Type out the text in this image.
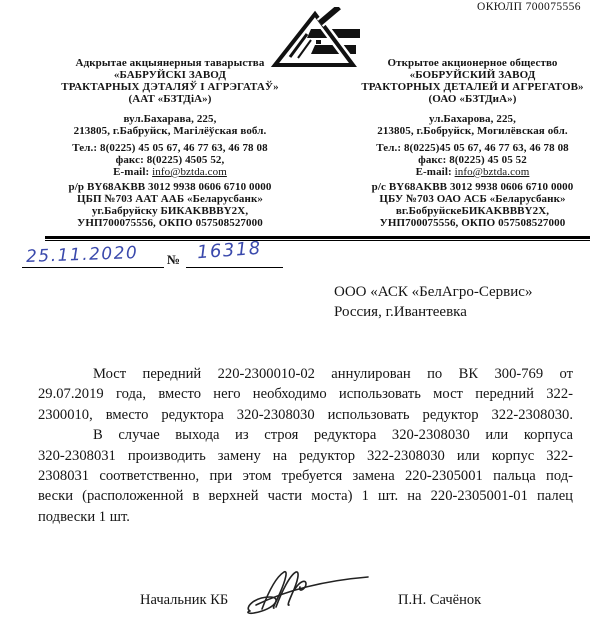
ОКЮЛП 700075556
Адкрытае акцыянерныя таварыства
«БАБРУЙСКІ ЗАВОД
ТРАКТАРНЫХ ДЭТАЛЯЎ І АГРЭГАТАЎ»
(ААТ «БЗТДіА»)
вул.Бахарава, 225,
213805, г.Бабруйск, Магілёўская вобл.
Тел.: 8(0225) 45 05 67, 46 77 63, 46 78 08
факс: 8(0225) 4505 52,
E-mail: info@bztda.com
р/р BY68AKBB 3012 9938 0606 6710 0000
ЦБП №703 ААТ ААБ «Беларусбанк»
уг.Бабруйску БИКAKBBBY2X,
УНП700075556, ОКПО 057508527000
Открытое акционерное общество
«БОБРУЙСКИЙ ЗАВОД
ТРАКТОРНЫХ ДЕТАЛЕЙ И АГРЕГАТОВ»
(ОАО «БЗТДиА»)
ул.Бахарова, 225,
213805, г.Бобруйск, Могилёвская обл.
Тел.: 8(0225)45 05 67, 46 77 63, 46 78 08
факс: 8(0225) 45 05 52
E-mail: info@bztda.com
р/с BY68AKBB 3012 9938 0606 6710 0000
ЦБУ №703 ОАО АСБ «Беларусбанк»
вг.БобруйскеБИКAKBBBY2X,
УНП700075556, ОКПО 057508527000
25.11.2020 № 16318
ООО «АСК «БелАгро-Сервис»
Россия, г.Ивантеевка
Мост передний 220-2300010-02 аннулирован по ВК 300-769 от
29.07.2019 года, вместо него необходимо использовать мост передний 322-
2300010, вместо редуктора 320-2308030 использовать редуктор 322-2308030.
В случае выхода из строя редуктора 320-2308030 или корпуса
320-2308031 производить замену на редуктор 322-2308030 или корпус 322-
2308031 соответственно, при этом требуется замена 220-2305001 пальца под-
вески (расположенной в верхней части моста) 1 шт. на 220-2305001-01 палец
подвески 1 шт.
Начальник КБ	П.Н. Сачёнок
